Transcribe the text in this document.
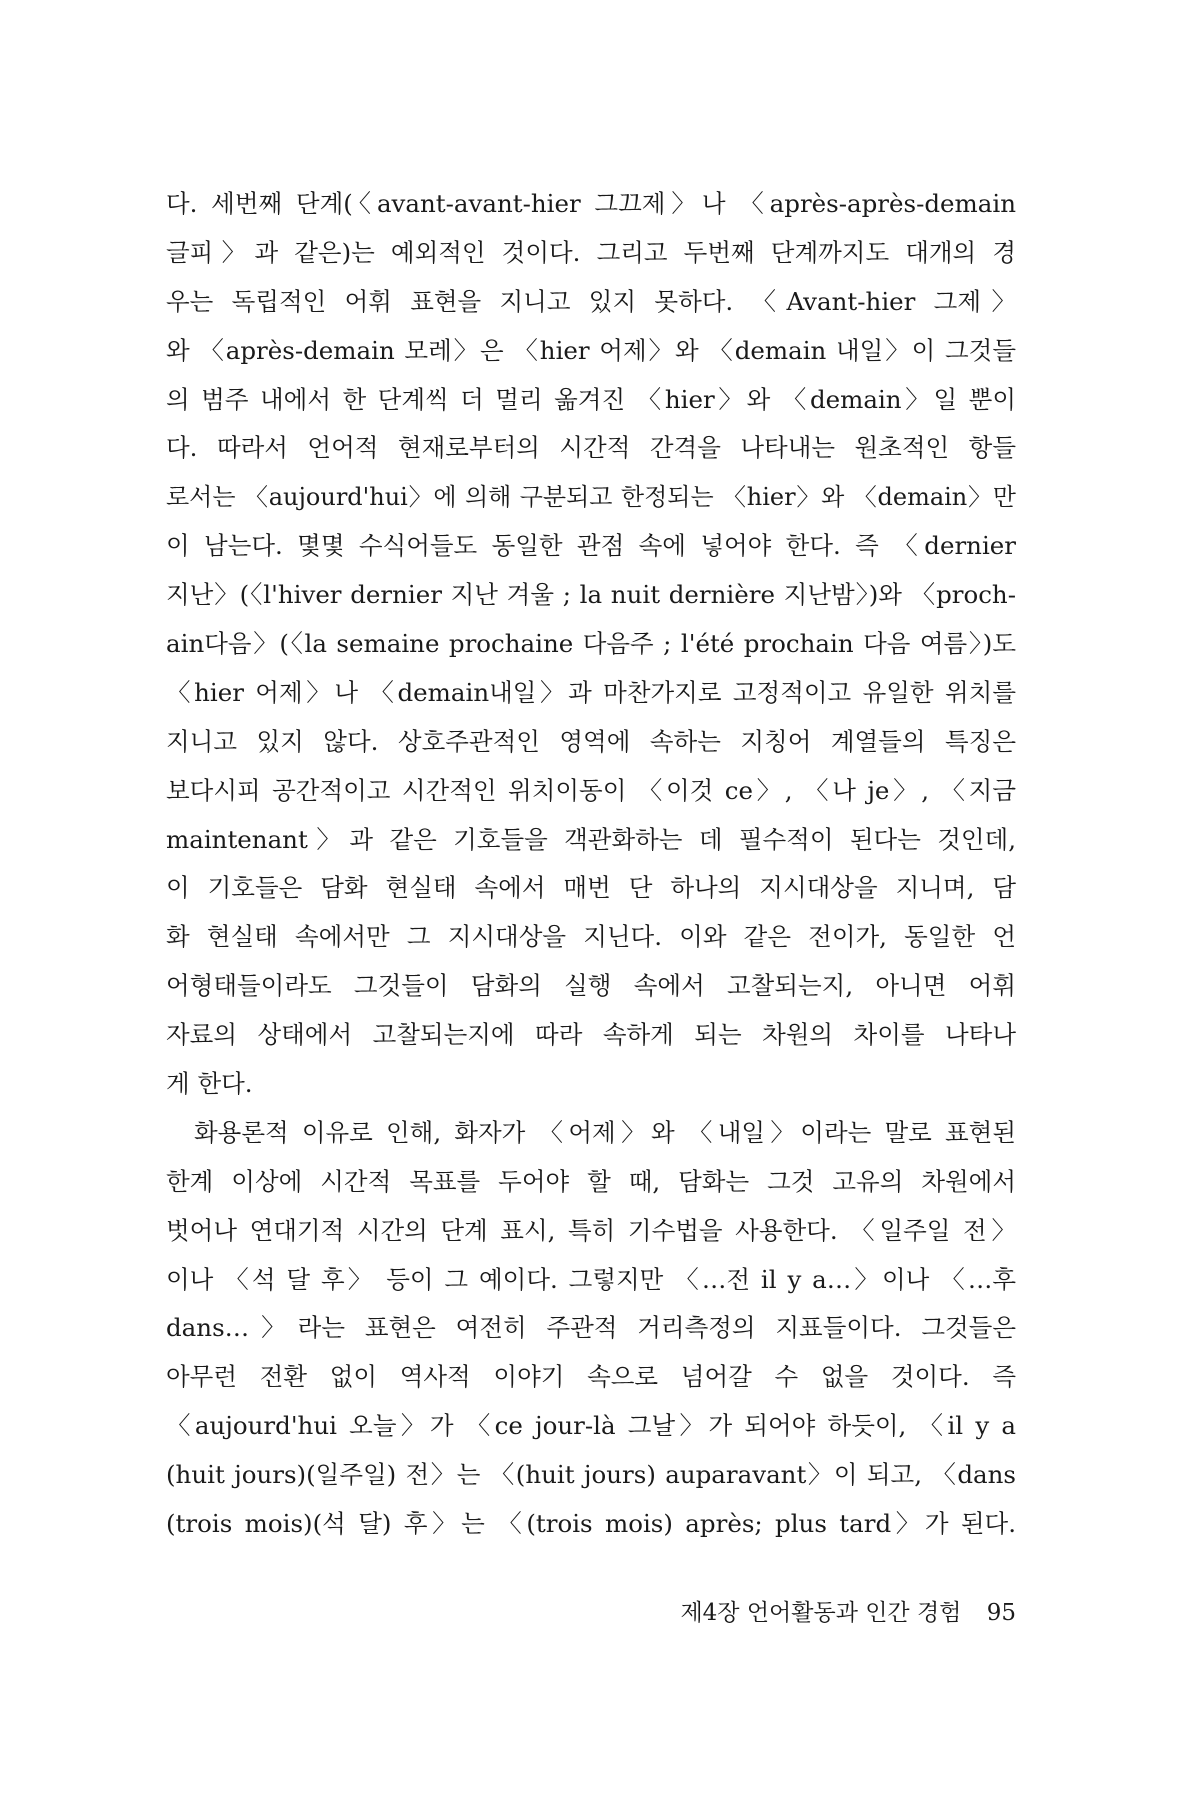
다. 세번째 단계(〈avant-avant-hier 그끄제〉나 〈après-après-demain
글피〉과 같은)는 예외적인 것이다. 그리고 두번째 단계까지도 대개의 경
우는 독립적인 어휘 표현을 지니고 있지 못하다. 〈Avant-hier 그제〉
와 〈après-demain 모레〉은 〈hier 어제〉와 〈demain 내일〉이 그것들
의 범주 내에서 한 단계씩 더 멀리 옮겨진 〈hier〉와 〈demain〉일 뿐이
다. 따라서 언어적 현재로부터의 시간적 간격을 나타내는 원초적인 항들
로서는 〈aujourd'hui〉에 의해 구분되고 한정되는 〈hier〉와 〈demain〉만
이 남는다. 몇몇 수식어들도 동일한 관점 속에 넣어야 한다. 즉 〈dernier
지난〉(〈l'hiver dernier 지난 겨울 ; la nuit dernière 지난밤〉)와 〈proch-
ain다음〉(〈la semaine prochaine 다음주 ; l'été prochain 다음 여름〉)도
〈hier 어제〉나 〈demain내일〉과 마찬가지로 고정적이고 유일한 위치를
지니고 있지 않다. 상호주관적인 영역에 속하는 지칭어 계열들의 특징은
보다시피 공간적이고 시간적인 위치이동이 〈이것 ce〉, 〈나 je〉, 〈지금
maintenant〉과 같은 기호들을 객관화하는 데 필수적이 된다는 것인데,
이 기호들은 담화 현실태 속에서 매번 단 하나의 지시대상을 지니며, 담
화 현실태 속에서만 그 지시대상을 지닌다. 이와 같은 전이가, 동일한 언
어형태들이라도 그것들이 담화의 실행 속에서 고찰되는지, 아니면 어휘
자료의 상태에서 고찰되는지에 따라 속하게 되는 차원의 차이를 나타나
게 한다.
화용론적 이유로 인해, 화자가 〈어제〉와 〈내일〉이라는 말로 표현된
한계 이상에 시간적 목표를 두어야 할 때, 담화는 그것 고유의 차원에서
벗어나 연대기적 시간의 단계 표시, 특히 기수법을 사용한다. 〈일주일 전〉
이나 〈석 달 후〉 등이 그 예이다. 그렇지만 〈…전 il y a…〉이나 〈…후
dans…〉라는 표현은 여전히 주관적 거리측정의 지표들이다. 그것들은
아무런 전환 없이 역사적 이야기 속으로 넘어갈 수 없을 것이다. 즉
〈aujourd'hui 오늘〉가 〈ce jour-là 그날〉가 되어야 하듯이, 〈il y a
(huit jours)(일주일) 전〉는 〈(huit jours) auparavant〉이 되고, 〈dans
(trois mois)(석 달) 후〉는 〈(trois mois) après; plus tard〉가 된다.
제4장 언어활동과 인간 경험 95
